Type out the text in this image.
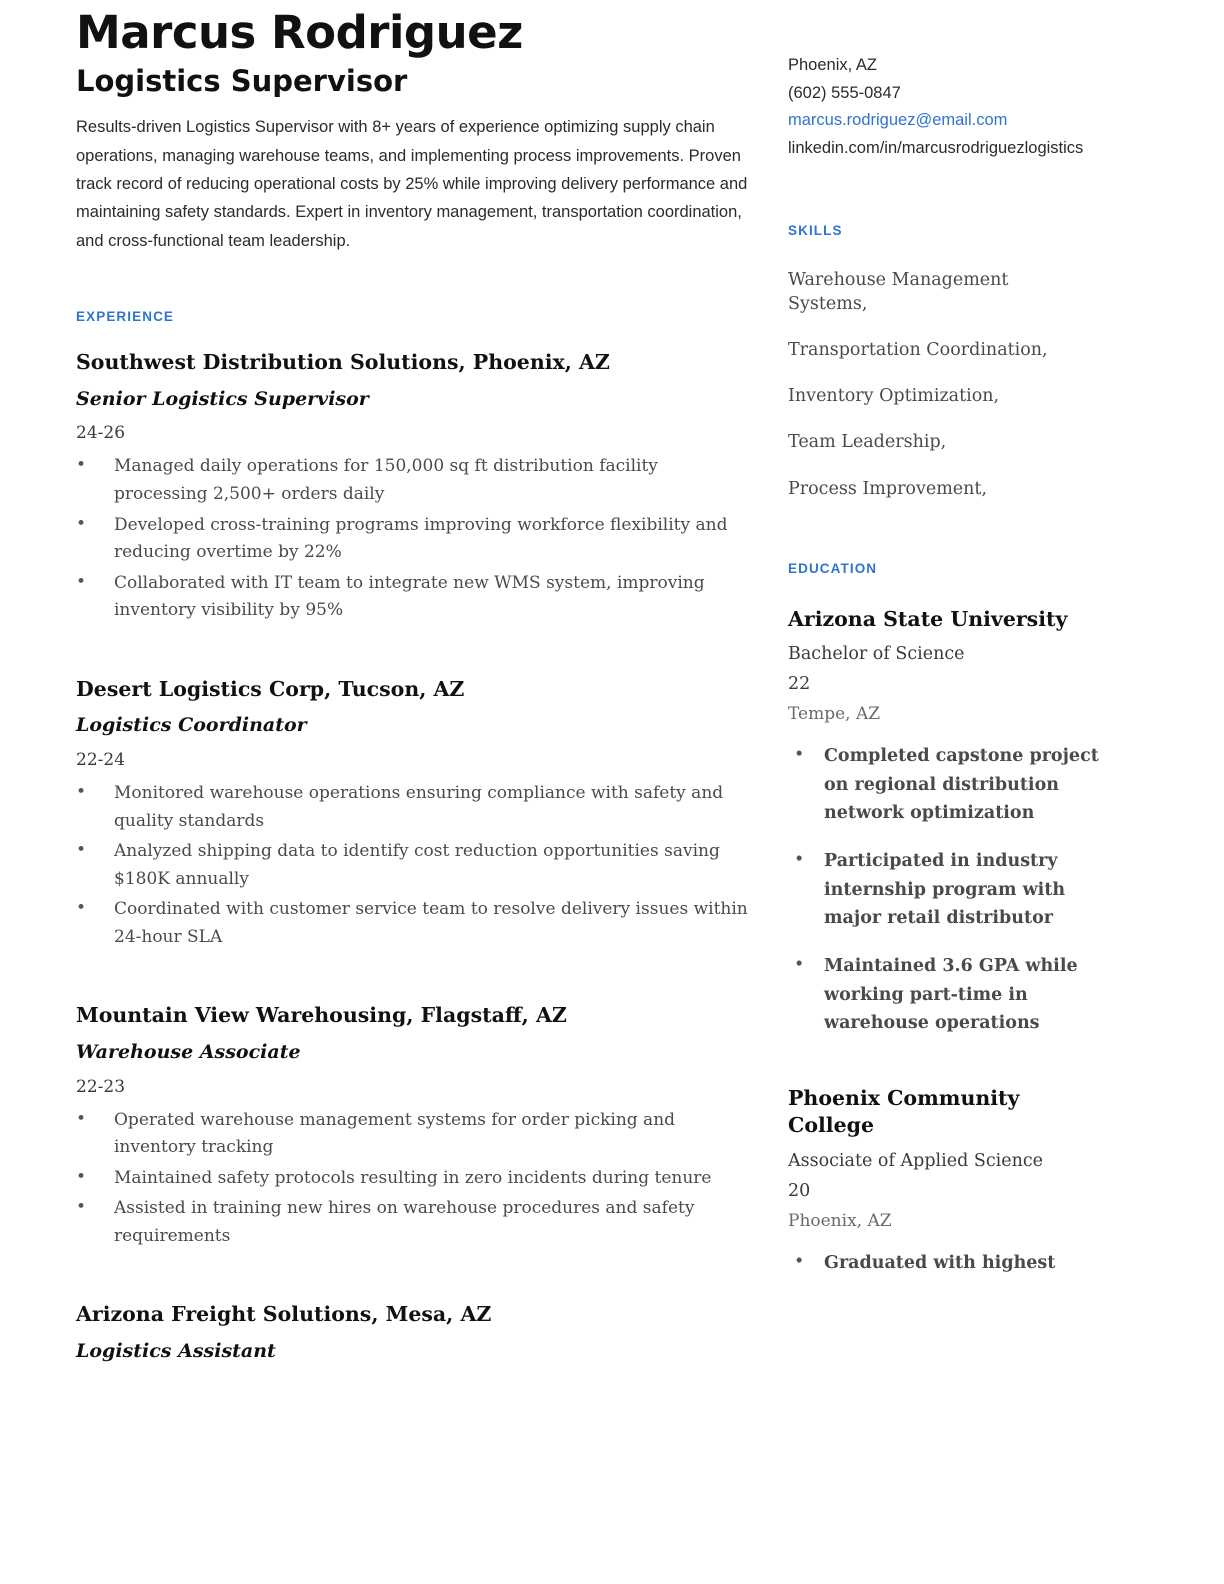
Marcus Rodriguez
Logistics Supervisor

Results-driven Logistics Supervisor with 8+ years of experience optimizing supply chain operations, managing warehouse teams, and implementing process improvements. Proven track record of reducing operational costs by 25% while improving delivery performance and maintaining safety standards. Expert in inventory management, transportation coordination, and cross-functional team leadership.

EXPERIENCE
Southwest Distribution Solutions, Phoenix, AZ
Senior Logistics Supervisor
24-26
• Managed daily operations for 150,000 sq ft distribution facility processing 2,500+ orders daily
• Developed cross-training programs improving workforce flexibility and reducing overtime by 22%
• Collaborated with IT team to integrate new WMS system, improving inventory visibility by 95%
Desert Logistics Corp, Tucson, AZ
Logistics Coordinator
22-24
• Monitored warehouse operations ensuring compliance with safety and quality standards
• Analyzed shipping data to identify cost reduction opportunities saving $180K annually
• Coordinated with customer service team to resolve delivery issues within 24-hour SLA
Mountain View Warehousing, Flagstaff, AZ
Warehouse Associate
22-23
• Operated warehouse management systems for order picking and inventory tracking
• Maintained safety protocols resulting in zero incidents during tenure
• Assisted in training new hires on warehouse procedures and safety requirements
Arizona Freight Solutions, Mesa, AZ
Logistics Assistant

Phoenix, AZ

(602) 555-0847

marcus.rodriguez@email.com

linkedin.com/in/marcusrodriguezlogistics

SKILLS
Warehouse Management Systems,
Transportation Coordination,
Inventory Optimization,
Team Leadership,
Process Improvement,
EDUCATION
Arizona State University
Bachelor of Science
22
Tempe, AZ
• Completed capstone project on regional distribution network optimization
• Participated in industry internship program with major retail distributor
• Maintained 3.6 GPA while working part-time in warehouse operations
Phoenix Community College
Associate of Applied Science
20
Phoenix, AZ
• Graduated with highest
